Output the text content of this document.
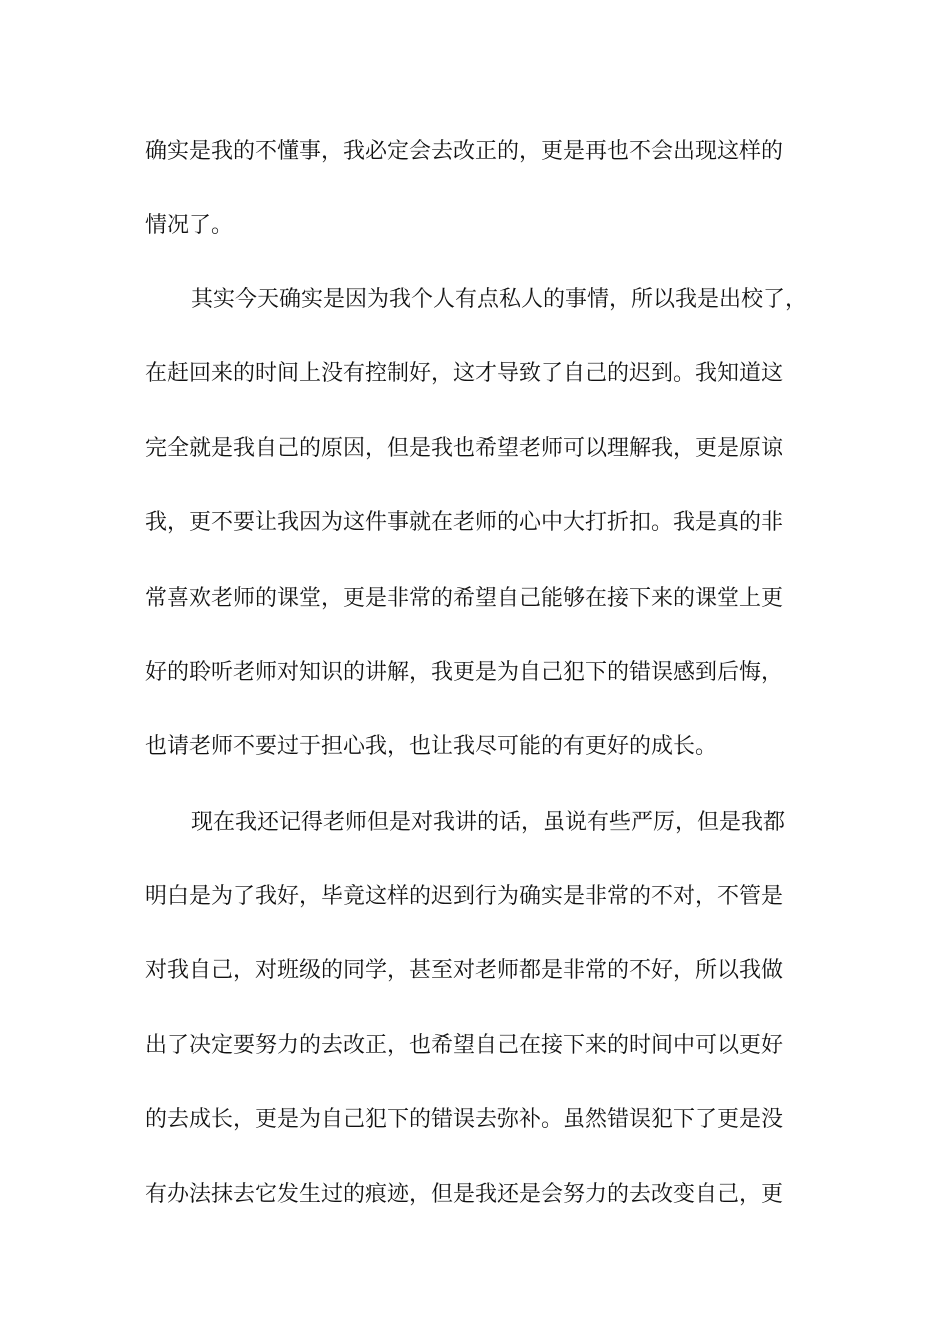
确实是我的不懂事，我必定会去改正的，更是再也不会出现这样的
情况了。
其实今天确实是因为我个人有点私人的事情，所以我是出校了，
在赶回来的时间上没有控制好，这才导致了自己的迟到。我知道这
完全就是我自己的原因，但是我也希望老师可以理解我，更是原谅
我，更不要让我因为这件事就在老师的心中大打折扣。我是真的非
常喜欢老师的课堂，更是非常的希望自己能够在接下来的课堂上更
好的聆听老师对知识的讲解，我更是为自己犯下的错误感到后悔，
也请老师不要过于担心我，也让我尽可能的有更好的成长。
现在我还记得老师但是对我讲的话，虽说有些严厉，但是我都
明白是为了我好，毕竟这样的迟到行为确实是非常的不对，不管是
对我自己，对班级的同学，甚至对老师都是非常的不好，所以我做
出了决定要努力的去改正，也希望自己在接下来的时间中可以更好
的去成长，更是为自己犯下的错误去弥补。虽然错误犯下了更是没
有办法抹去它发生过的痕迹，但是我还是会努力的去改变自己，更
